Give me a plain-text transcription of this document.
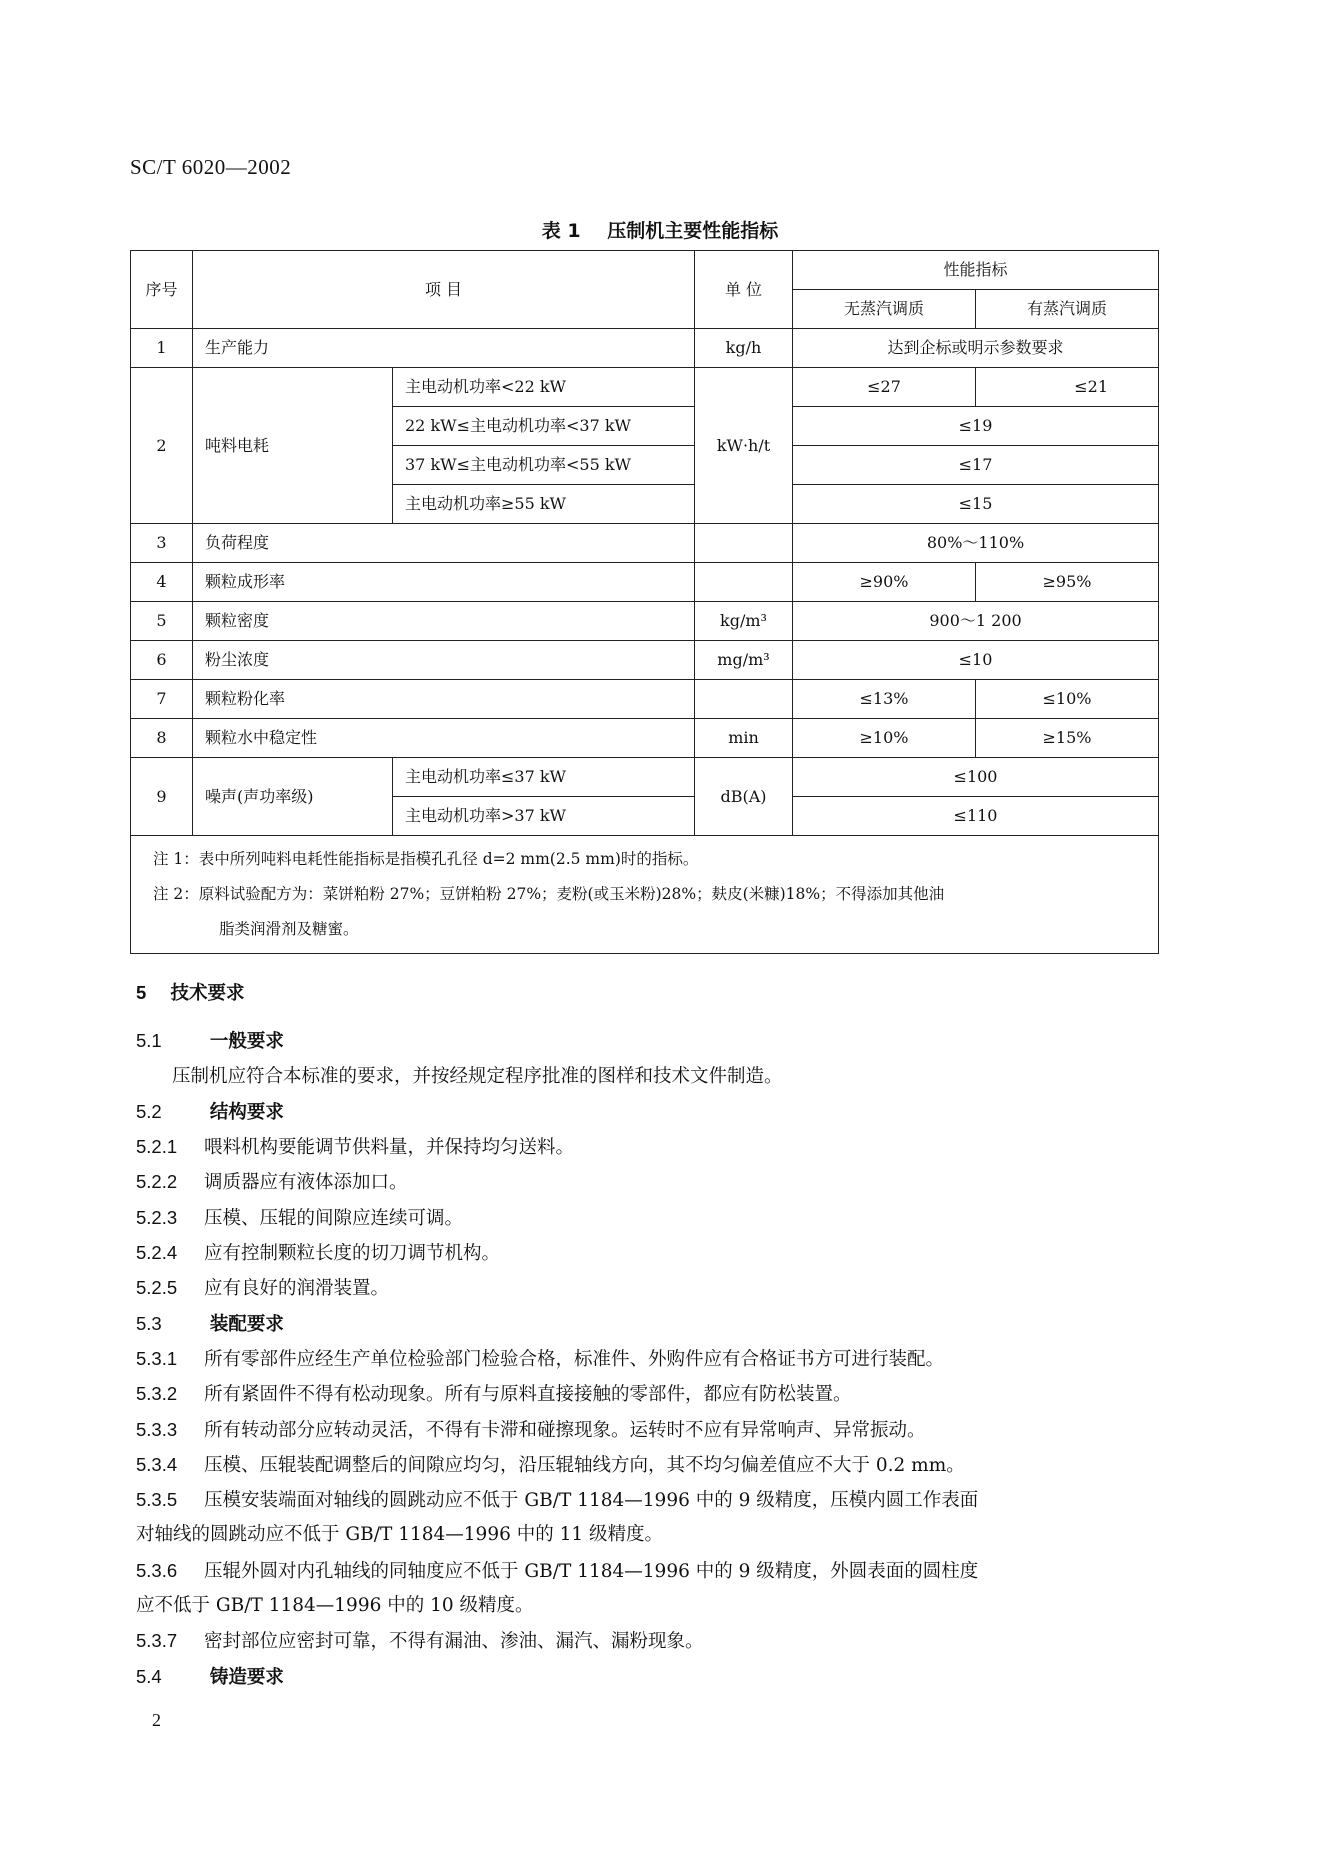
SC/T 6020—2002
表 1 压制机主要性能指标
序号	项 目		单 位	性能指标	
				无蒸汽调质	有蒸汽调质
1	生产能力		kg/h	达到企标或明示参数要求	
2	吨料电耗	主电动机功率<22 kW	kW·h/t	≤27	≤21
		22 kW≤主电动机功率<37 kW		≤19	
		37 kW≤主电动机功率<55 kW		≤17	
		主电动机功率≥55 kW		≤15	
3	负荷程度			80%～110%	
4	颗粒成形率			≥90%	≥95%
5	颗粒密度		kg/m³	900～1 200	
6	粉尘浓度		mg/m³	≤10	
7	颗粒粉化率			≤13%	≤10%
8	颗粒水中稳定性		min	≥10%	≥15%
9	噪声(声功率级)	主电动机功率≤37 kW	dB(A)	≤100	
		主电动机功率>37 kW		≤110	

注 1：表中所列吨料电耗性能指标是指模孔孔径 d=2 mm(2.5 mm)时的指标。
注 2：原料试验配方为：菜饼粕粉 27%；豆饼粕粉 27%；麦粉(或玉米粉)28%；麸皮(米糠)18%；不得添加其他油
脂类润滑剂及糖蜜。					
5 技术要求
5.1	一般要求
压制机应符合本标准的要求，并按经规定程序批准的图样和技术文件制造。
5.2	结构要求
5.2.1 喂料机构要能调节供料量，并保持均匀送料。
5.2.2 调质器应有液体添加口。
5.2.3 压模、压辊的间隙应连续可调。
5.2.4 应有控制颗粒长度的切刀调节机构。
5.2.5 应有良好的润滑装置。
5.3	装配要求
5.3.1 所有零部件应经生产单位检验部门检验合格，标准件、外购件应有合格证书方可进行装配。
5.3.2 所有紧固件不得有松动现象。所有与原料直接接触的零部件，都应有防松装置。
5.3.3 所有转动部分应转动灵活，不得有卡滞和碰擦现象。运转时不应有异常响声、异常振动。
5.3.4 压模、压辊装配调整后的间隙应均匀，沿压辊轴线方向，其不均匀偏差值应不大于 0.2 mm。
5.3.5 压模安装端面对轴线的圆跳动应不低于 GB/T 1184—1996 中的 9 级精度，压模内圆工作表面
对轴线的圆跳动应不低于 GB/T 1184—1996 中的 11 级精度。
5.3.6 压辊外圆对内孔轴线的同轴度应不低于 GB/T 1184—1996 中的 9 级精度，外圆表面的圆柱度
应不低于 GB/T 1184—1996 中的 10 级精度。
5.3.7 密封部位应密封可靠，不得有漏油、渗油、漏汽、漏粉现象。
5.4	铸造要求
2
